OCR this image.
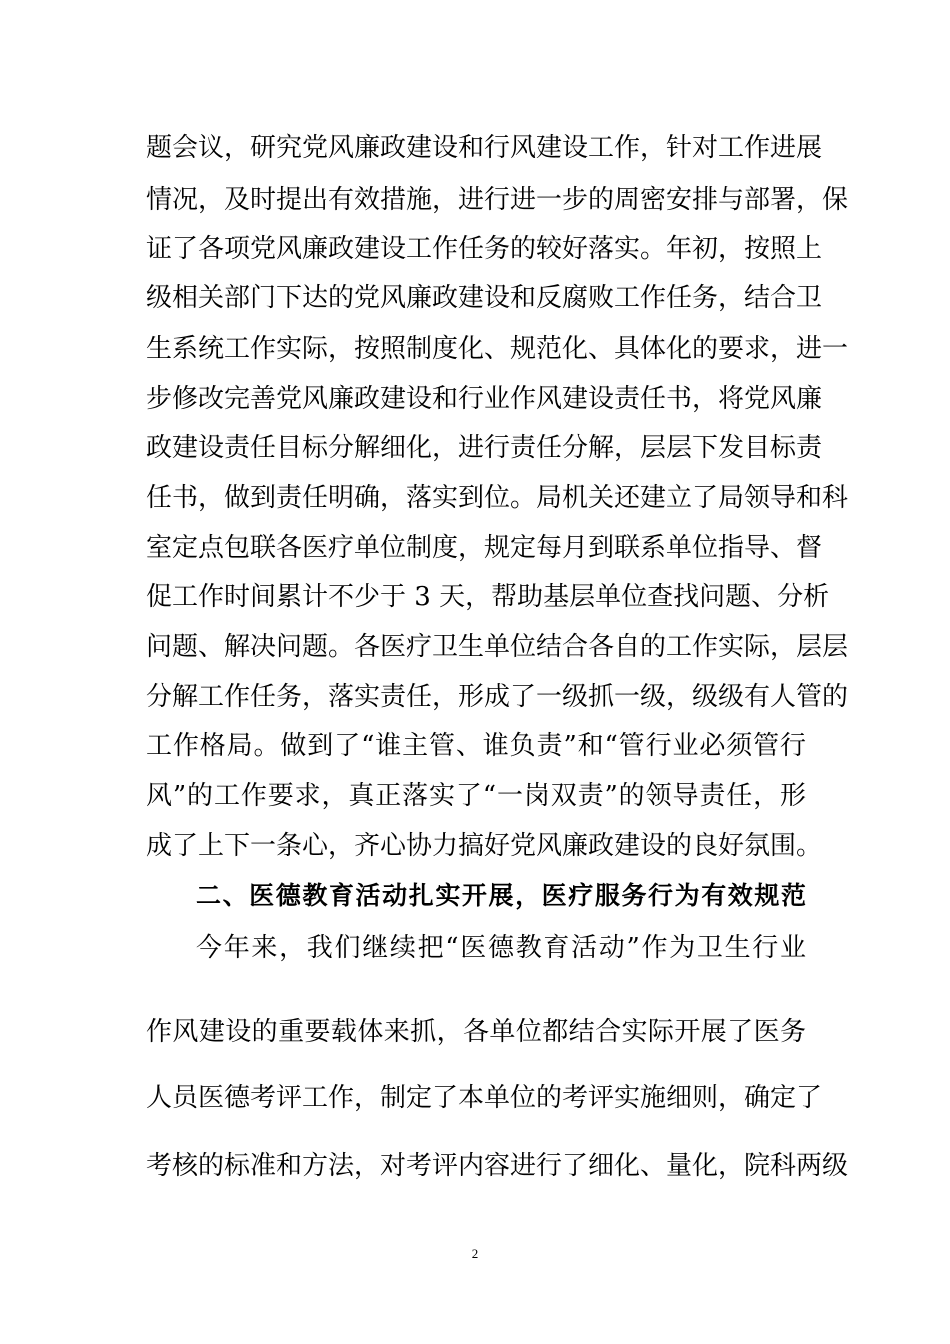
题会议，研究党风廉政建设和行风建设工作，针对工作进展
情况，及时提出有效措施，进行进一步的周密安排与部署，保
证了各项党风廉政建设工作任务的较好落实。年初，按照上
级相关部门下达的党风廉政建设和反腐败工作任务，结合卫
生系统工作实际，按照制度化、规范化、具体化的要求，进一
步修改完善党风廉政建设和行业作风建设责任书，将党风廉
政建设责任目标分解细化，进行责任分解，层层下发目标责
任书，做到责任明确，落实到位。局机关还建立了局领导和科
室定点包联各医疗单位制度，规定每月到联系单位指导、督
促工作时间累计不少于 3 天，帮助基层单位查找问题、分析
问题、解决问题。各医疗卫生单位结合各自的工作实际，层层
分解工作任务，落实责任，形成了一级抓一级，级级有人管的
工作格局。做到了“谁主管、谁负责”和“管行业必须管行
风”的工作要求，真正落实了“一岗双责”的领导责任，形
成了上下一条心，齐心协力搞好党风廉政建设的良好氛围。
二、医德教育活动扎实开展，医疗服务行为有效规范
今年来，我们继续把“医德教育活动”作为卫生行业
作风建设的重要载体来抓，各单位都结合实际开展了医务
人员医德考评工作，制定了本单位的考评实施细则，确定了
考核的标准和方法，对考评内容进行了细化、量化，院科两级
2
